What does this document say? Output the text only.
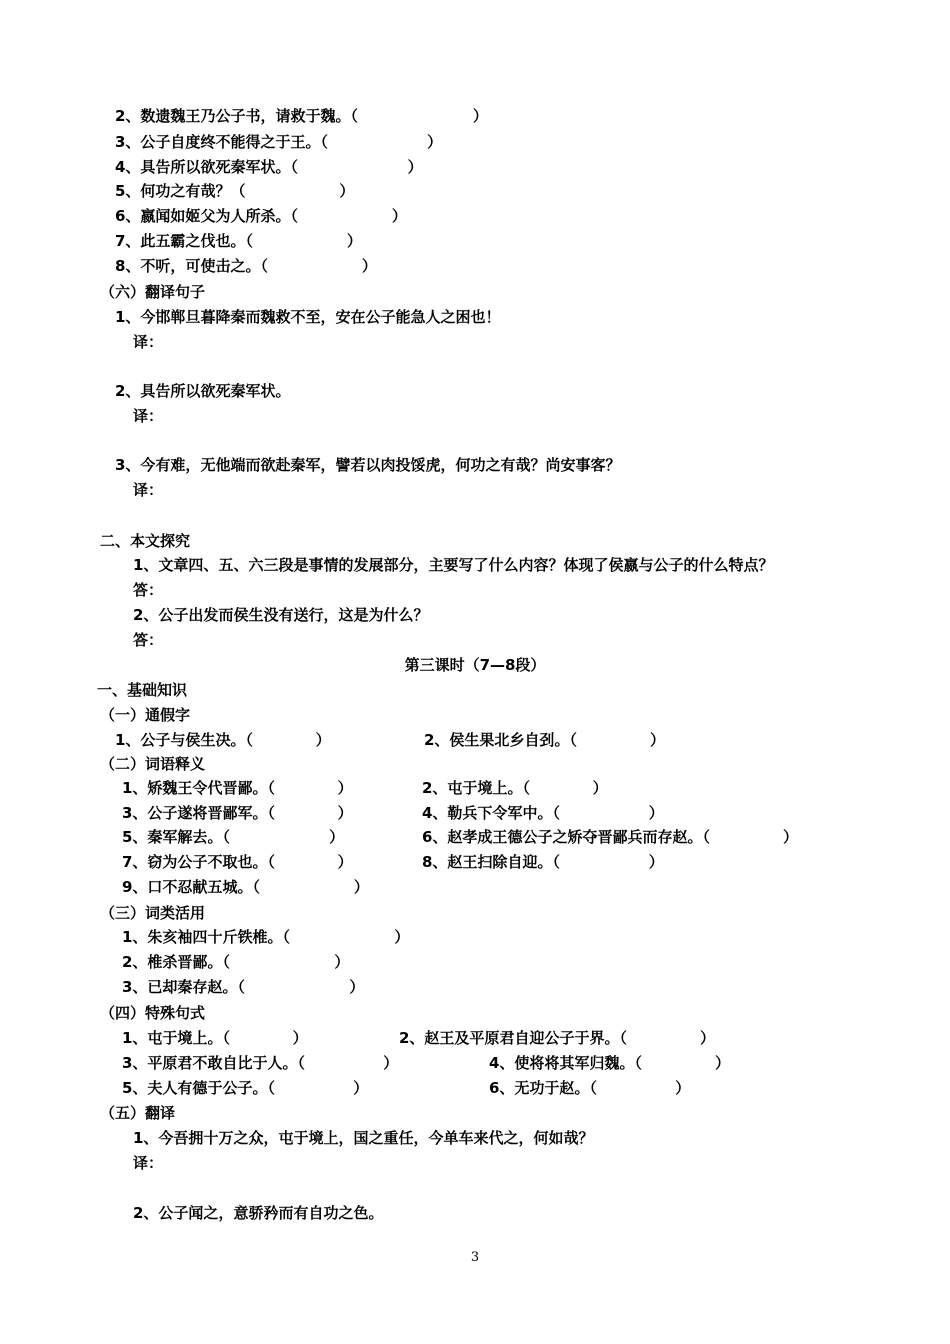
2、数遗魏王乃公子书，请救于魏。（                      ）
3、公子自度终不能得之于王。（                   ）
4、具告所以欲死秦军状。（                     ）
5、何功之有哉？（                  ）
6、嬴闻如姬父为人所杀。（                  ）
7、此五霸之伐也。（                  ）
8、不听，可使击之。（                  ）
（六）翻译句子
1、今邯郸旦暮降秦而魏救不至，安在公子能急人之困也！
译：
2、具告所以欲死秦军状。
译：
3、今有难，无他端而欲赴秦军，譬若以肉投馁虎，何功之有哉？尚安事客？
译：
二、本文探究
1、文章四、五、六三段是事情的发展部分，主要写了什么内容？体现了侯嬴与公子的什么特点？
答：
2、公子出发而侯生没有送行，这是为什么？
答：
第三课时（7—8段）
一、基础知识
（一）通假字
1、公子与侯生决。（            ）	2、侯生果北乡自刭。（              ）
（二）词语释义
1、矫魏王令代晋鄙。（            ）	2、屯于境上。（            ）
3、公子遂将晋鄙军。（            ）	4、勒兵下令军中。（                 ）
5、秦军解去。（                   ）	6、赵孝成王德公子之矫夺晋鄙兵而存赵。（              ）
7、窃为公子不取也。（            ）	8、赵王扫除自迎。（                 ）
9、口不忍献五城。（                  ）
（三）词类活用
1、朱亥袖四十斤铁椎。（                    ）
2、椎杀晋鄙。（                    ）
3、已却秦存赵。（                    ）
（四）特殊句式
1、屯于境上。（            ）	2、赵王及平原君自迎公子于界。（              ）
3、平原君不敢自比于人。（               ）	4、使将将其军归魏。（              ）
5、夫人有德于公子。（               ）	6、无功于赵。（               ）
（五）翻译
1、今吾拥十万之众，屯于境上，国之重任，今单车来代之，何如哉？
译：
2、公子闻之，意骄矜而有自功之色。
3
